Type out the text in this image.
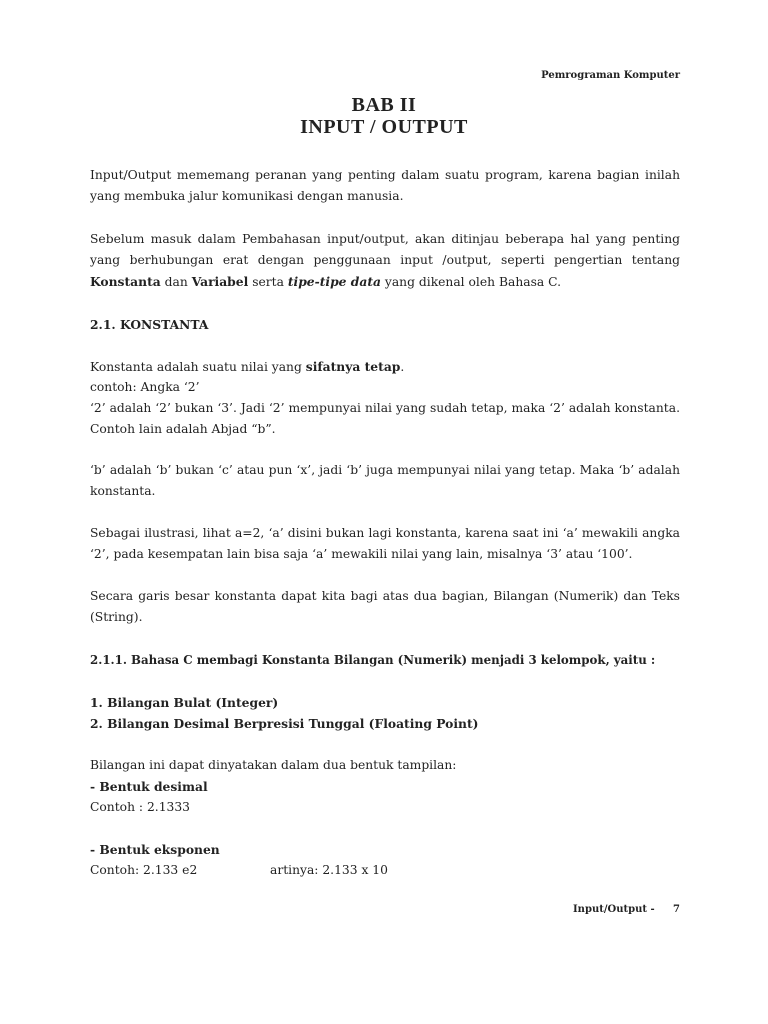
Pemrograman Komputer
BAB II
INPUT / OUTPUT

Input/Output mememang peranan yang penting dalam suatu program, karena bagian inilah yang membuka jalur komunikasi dengan manusia.

Sebelum masuk dalam Pembahasan input/output, akan ditinjau beberapa hal yang penting yang berhubungan erat dengan penggunaan input /output, seperti pengertian tentang Konstanta dan Variabel serta tipe-tipe data yang dikenal oleh Bahasa C.

2.1. KONSTANTA
Konstanta adalah suatu nilai yang sifatnya tetap.
contoh: Angka ‘2’

‘2’ adalah ‘2’ bukan ‘3’. Jadi ‘2’ mempunyai nilai yang sudah tetap, maka ‘2’ adalah konstanta. Contoh lain adalah Abjad “b”.

‘b’ adalah ‘b’ bukan ‘c’ atau pun ‘x’, jadi ‘b’ juga mempunyai nilai yang tetap. Maka ‘b’ adalah konstanta.

Sebagai ilustrasi, lihat a=2, ‘a’ disini bukan lagi konstanta, karena saat ini ‘a’ mewakili angka ‘2’, pada kesempatan lain bisa saja ‘a’ mewakili nilai yang lain, misalnya ‘3’ atau ‘100’.

Secara garis besar konstanta dapat kita bagi atas dua bagian, Bilangan (Numerik) dan Teks (String).

2.1.1. Bahasa C membagi Konstanta Bilangan (Numerik) menjadi 3 kelompok, yaitu :
1. Bilangan Bulat (Integer)
2. Bilangan Desimal Berpresisi Tunggal (Floating Point)
Bilangan ini dapat dinyatakan dalam dua bentuk tampilan:
- Bentuk desimal
Contoh : 2.1333
- Bentuk eksponen
Contoh: 2.133 e2	artinya: 2.133 x 10
Input/Output - 7
